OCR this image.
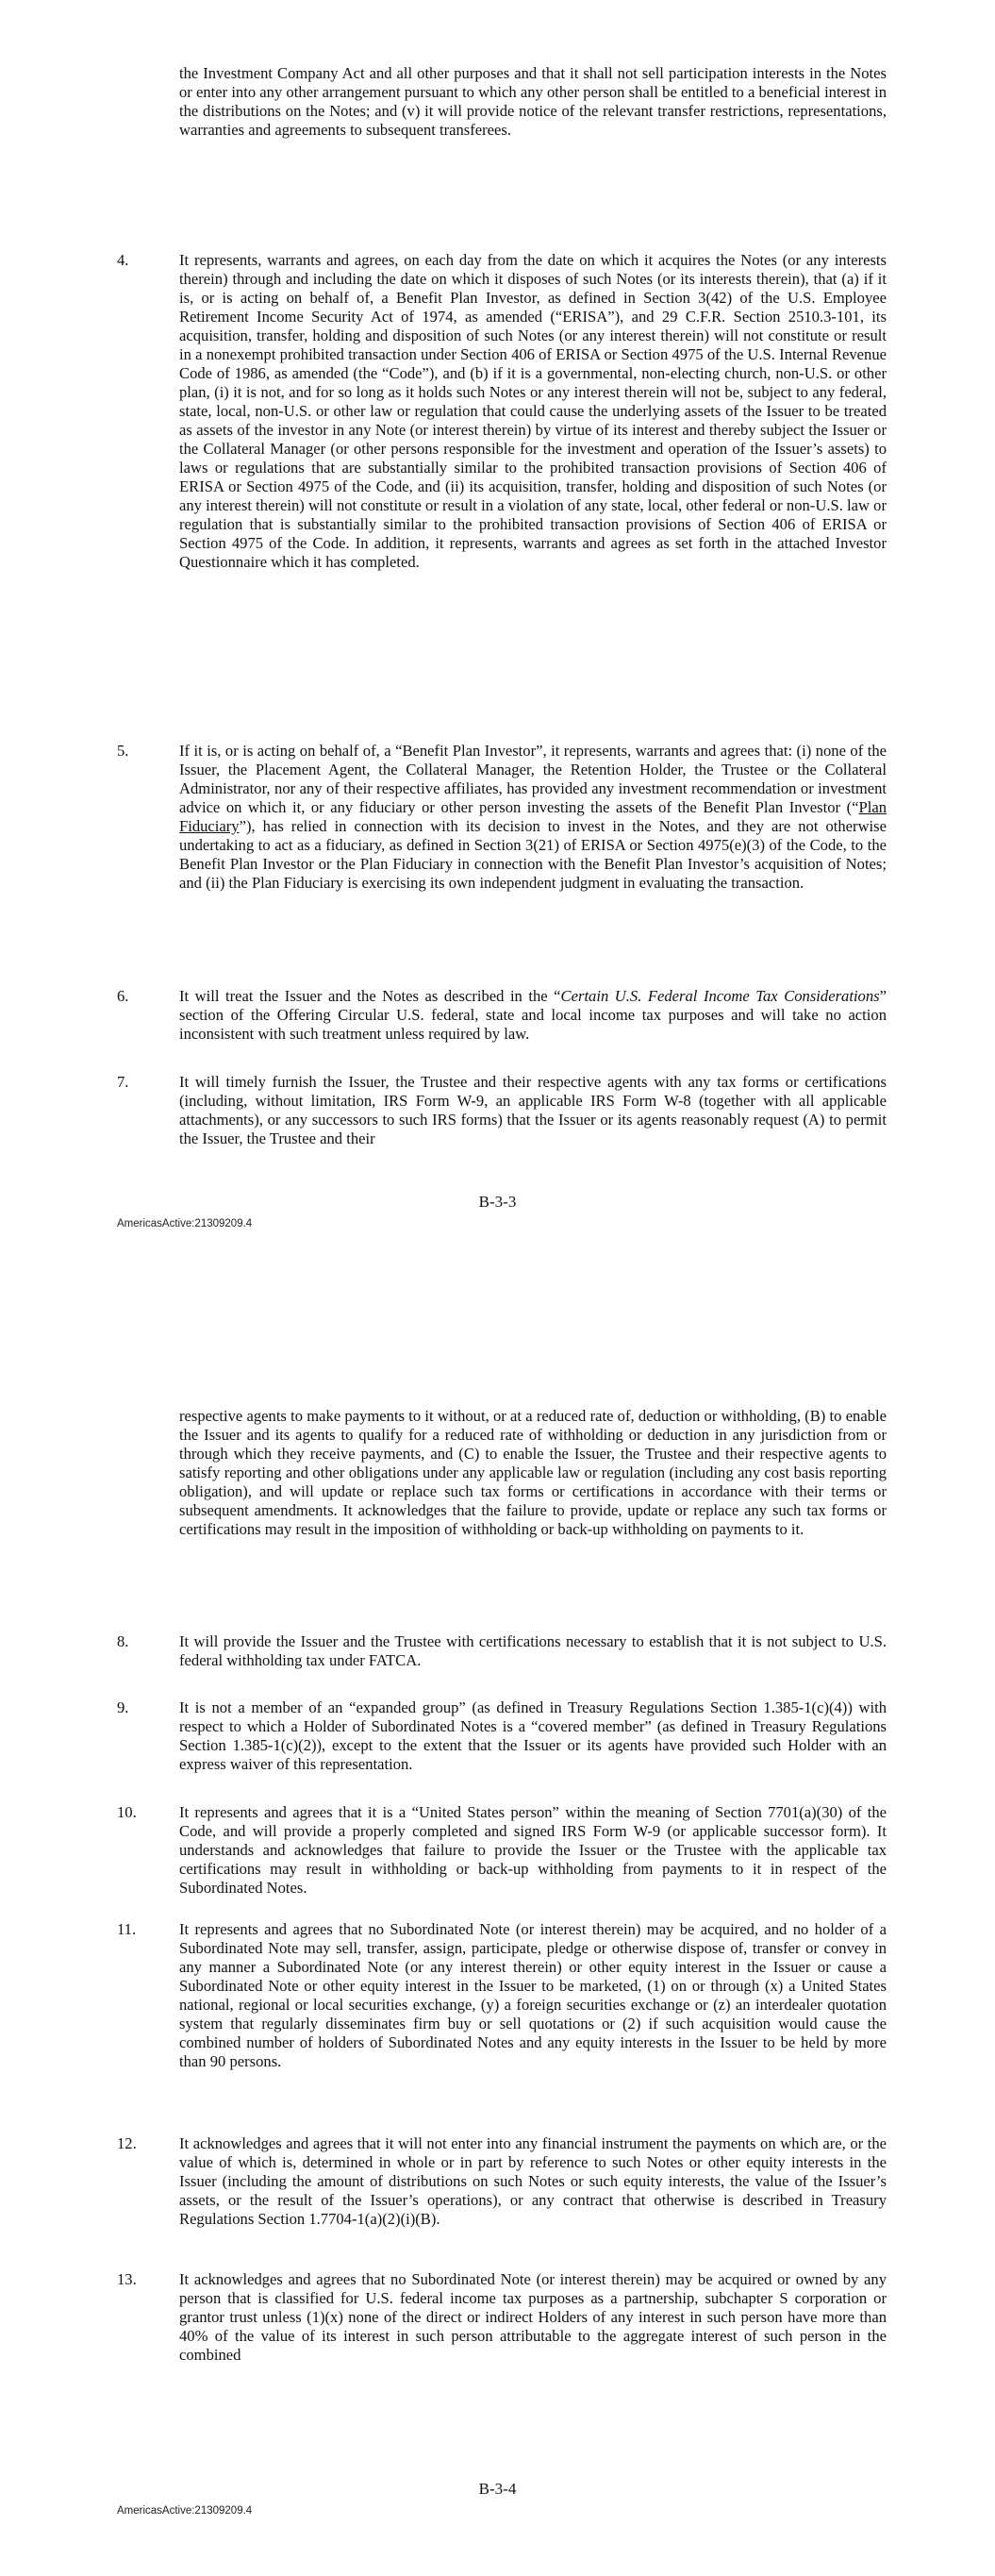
the Investment Company Act and all other purposes and that it shall not sell participation interests in the Notes or enter into any other arrangement pursuant to which any other person shall be entitled to a beneficial interest in the distributions on the Notes; and (v) it will provide notice of the relevant transfer restrictions, representations, warranties and agreements to subsequent transferees.
4.	It represents, warrants and agrees, on each day from the date on which it acquires the Notes (or any interests therein) through and including the date on which it disposes of such Notes (or its interests therein), that (a) if it is, or is acting on behalf of, a Benefit Plan Investor, as defined in Section 3(42) of the U.S. Employee Retirement Income Security Act of 1974, as amended (“ERISA”), and 29 C.F.R. Section 2510.3-101, its acquisition, transfer, holding and disposition of such Notes (or any interest therein) will not constitute or result in a nonexempt prohibited transaction under Section 406 of ERISA or Section 4975 of the U.S. Internal Revenue Code of 1986, as amended (the “Code”), and (b) if it is a governmental, non-electing church, non-U.S. or other plan, (i) it is not, and for so long as it holds such Notes or any interest therein will not be, subject to any federal, state, local, non-U.S. or other law or regulation that could cause the underlying assets of the Issuer to be treated as assets of the investor in any Note (or interest therein) by virtue of its interest and thereby subject the Issuer or the Collateral Manager (or other persons responsible for the investment and operation of the Issuer’s assets) to laws or regulations that are substantially similar to the prohibited transaction provisions of Section 406 of ERISA or Section 4975 of the Code, and (ii) its acquisition, transfer, holding and disposition of such Notes (or any interest therein) will not constitute or result in a violation of any state, local, other federal or non-U.S. law or regulation that is substantially similar to the prohibited transaction provisions of Section 406 of ERISA or Section 4975 of the Code. In addition, it represents, warrants and agrees as set forth in the attached Investor Questionnaire which it has completed.
5.	If it is, or is acting on behalf of, a “Benefit Plan Investor”, it represents, warrants and agrees that: (i) none of the Issuer, the Placement Agent, the Collateral Manager, the Retention Holder, the Trustee or the Collateral Administrator, nor any of their respective affiliates, has provided any investment recommendation or investment advice on which it, or any fiduciary or other person investing the assets of the Benefit Plan Investor (“Plan Fiduciary”), has relied in connection with its decision to invest in the Notes, and they are not otherwise undertaking to act as a fiduciary, as defined in Section 3(21) of ERISA or Section 4975(e)(3) of the Code, to the Benefit Plan Investor or the Plan Fiduciary in connection with the Benefit Plan Investor’s acquisition of Notes; and (ii) the Plan Fiduciary is exercising its own independent judgment in evaluating the transaction.
6.	It will treat the Issuer and the Notes as described in the “Certain U.S. Federal Income Tax Considerations” section of the Offering Circular U.S. federal, state and local income tax purposes and will take no action inconsistent with such treatment unless required by law.
7.	It will timely furnish the Issuer, the Trustee and their respective agents with any tax forms or certifications (including, without limitation, IRS Form W-9, an applicable IRS Form W-8 (together with all applicable attachments), or any successors to such IRS forms) that the Issuer or its agents reasonably request (A) to permit the Issuer, the Trustee and their
B-3-3
AmericasActive:21309209.4
respective agents to make payments to it without, or at a reduced rate of, deduction or withholding, (B) to enable the Issuer and its agents to qualify for a reduced rate of withholding or deduction in any jurisdiction from or through which they receive payments, and (C) to enable the Issuer, the Trustee and their respective agents to satisfy reporting and other obligations under any applicable law or regulation (including any cost basis reporting obligation), and will update or replace such tax forms or certifications in accordance with their terms or subsequent amendments. It acknowledges that the failure to provide, update or replace any such tax forms or certifications may result in the imposition of withholding or back-up withholding on payments to it.
8.	It will provide the Issuer and the Trustee with certifications necessary to establish that it is not subject to U.S. federal withholding tax under FATCA.
9.	It is not a member of an “expanded group” (as defined in Treasury Regulations Section 1.385-1(c)(4)) with respect to which a Holder of Subordinated Notes is a “covered member” (as defined in Treasury Regulations Section 1.385-1(c)(2)), except to the extent that the Issuer or its agents have provided such Holder with an express waiver of this representation.
10.	It represents and agrees that it is a “United States person” within the meaning of Section 7701(a)(30) of the Code, and will provide a properly completed and signed IRS Form W-9 (or applicable successor form). It understands and acknowledges that failure to provide the Issuer or the Trustee with the applicable tax certifications may result in withholding or back-up withholding from payments to it in respect of the Subordinated Notes.
11.	It represents and agrees that no Subordinated Note (or interest therein) may be acquired, and no holder of a Subordinated Note may sell, transfer, assign, participate, pledge or otherwise dispose of, transfer or convey in any manner a Subordinated Note (or any interest therein) or other equity interest in the Issuer or cause a Subordinated Note or other equity interest in the Issuer to be marketed, (1) on or through (x) a United States national, regional or local securities exchange, (y) a foreign securities exchange or (z) an interdealer quotation system that regularly disseminates firm buy or sell quotations or (2) if such acquisition would cause the combined number of holders of Subordinated Notes and any equity interests in the Issuer to be held by more than 90 persons.
12.	It acknowledges and agrees that it will not enter into any financial instrument the payments on which are, or the value of which is, determined in whole or in part by reference to such Notes or other equity interests in the Issuer (including the amount of distributions on such Notes or such equity interests, the value of the Issuer’s assets, or the result of the Issuer’s operations), or any contract that otherwise is described in Treasury Regulations Section 1.7704-1(a)(2)(i)(B).
13.	It acknowledges and agrees that no Subordinated Note (or interest therein) may be acquired or owned by any person that is classified for U.S. federal income tax purposes as a partnership, subchapter S corporation or grantor trust unless (1)(x) none of the direct or indirect Holders of any interest in such person have more than 40% of the value of its interest in such person attributable to the aggregate interest of such person in the combined
B-3-4
AmericasActive:21309209.4
